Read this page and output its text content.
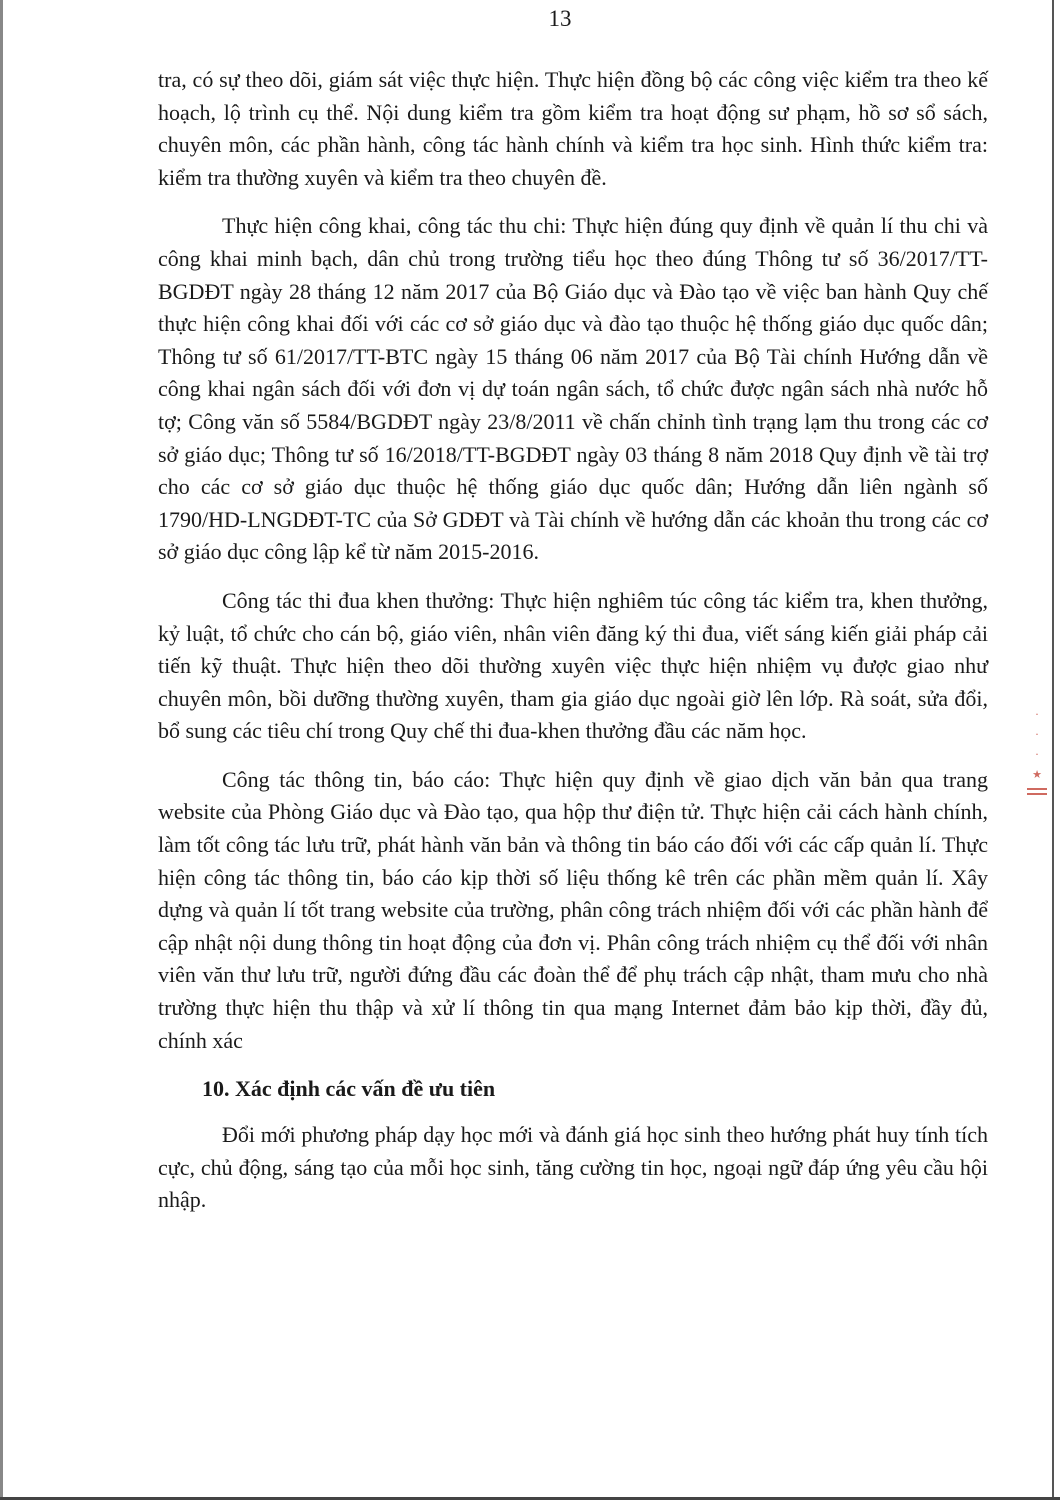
13

tra, có sự theo dõi, giám sát việc thực hiện. Thực hiện đồng bộ các công việc kiểm tra theo kế hoạch, lộ trình cụ thể. Nội dung kiểm tra gồm kiểm tra hoạt động sư phạm, hồ sơ sổ sách, chuyên môn, các phần hành, công tác hành chính và kiểm tra học sinh. Hình thức kiểm tra: kiểm tra thường xuyên và kiểm tra theo chuyên đề.

Thực hiện công khai, công tác thu chi: Thực hiện đúng quy định về quản lí thu chi và công khai minh bạch, dân chủ trong trường tiểu học theo đúng Thông tư số 36/2017/TT-BGDĐT ngày 28 tháng 12 năm 2017 của Bộ Giáo dục và Đào tạo về việc ban hành Quy chế thực hiện công khai đối với các cơ sở giáo dục và đào tạo thuộc hệ thống giáo dục quốc dân; Thông tư số 61/2017/TT-BTC ngày 15 tháng 06 năm 2017 của Bộ Tài chính Hướng dẫn về công khai ngân sách đối với đơn vị dự toán ngân sách, tổ chức được ngân sách nhà nước hỗ tợ; Công văn số 5584/BGDĐT ngày 23/8/2011 về chấn chỉnh tình trạng lạm thu trong các cơ sở giáo dục; Thông tư số 16/2018/TT-BGDĐT ngày 03 tháng 8 năm 2018 Quy định về tài trợ cho các cơ sở giáo dục thuộc hệ thống giáo dục quốc dân; Hướng dẫn liên ngành số 1790/HD-LNGDĐT-TC của Sở GDĐT và Tài chính về hướng dẫn các khoản thu trong các cơ sở giáo dục công lập kể từ năm 2015-2016.

Công tác thi đua khen thưởng: Thực hiện nghiêm túc công tác kiểm tra, khen thưởng, kỷ luật, tổ chức cho cán bộ, giáo viên, nhân viên đăng ký thi đua, viết sáng kiến giải pháp cải tiến kỹ thuật. Thực hiện theo dõi thường xuyên việc thực hiện nhiệm vụ được giao như chuyên môn, bồi dưỡng thường xuyên, tham gia giáo dục ngoài giờ lên lớp. Rà soát, sửa đổi, bổ sung các tiêu chí trong Quy chế thi đua-khen thưởng đầu các năm học.

Công tác thông tin, báo cáo: Thực hiện quy định về giao dịch văn bản qua trang website của Phòng Giáo dục và Đào tạo, qua hộp thư điện tử. Thực hiện cải cách hành chính, làm tốt công tác lưu trữ, phát hành văn bản và thông tin báo cáo đối với các cấp quản lí. Thực hiện công tác thông tin, báo cáo kịp thời số liệu thống kê trên các phần mềm quản lí. Xây dựng và quản lí tốt trang website của trường, phân công trách nhiệm đối với các phần hành để cập nhật nội dung thông tin hoạt động của đơn vị. Phân công trách nhiệm cụ thể đối với nhân viên văn thư lưu trữ, người đứng đầu các đoàn thể để phụ trách cập nhật, tham mưu cho nhà trường thực hiện thu thập và xử lí thông tin qua mạng Internet đảm bảo kịp thời, đầy đủ, chính xác

10. Xác định các vấn đề ưu tiên

Đổi mới phương pháp dạy học mới và đánh giá học sinh theo hướng phát huy tính tích cực, chủ động, sáng tạo của mỗi học sinh, tăng cường tin học, ngoại ngữ đáp ứng yêu cầu hội nhập.

·
·
·
★
